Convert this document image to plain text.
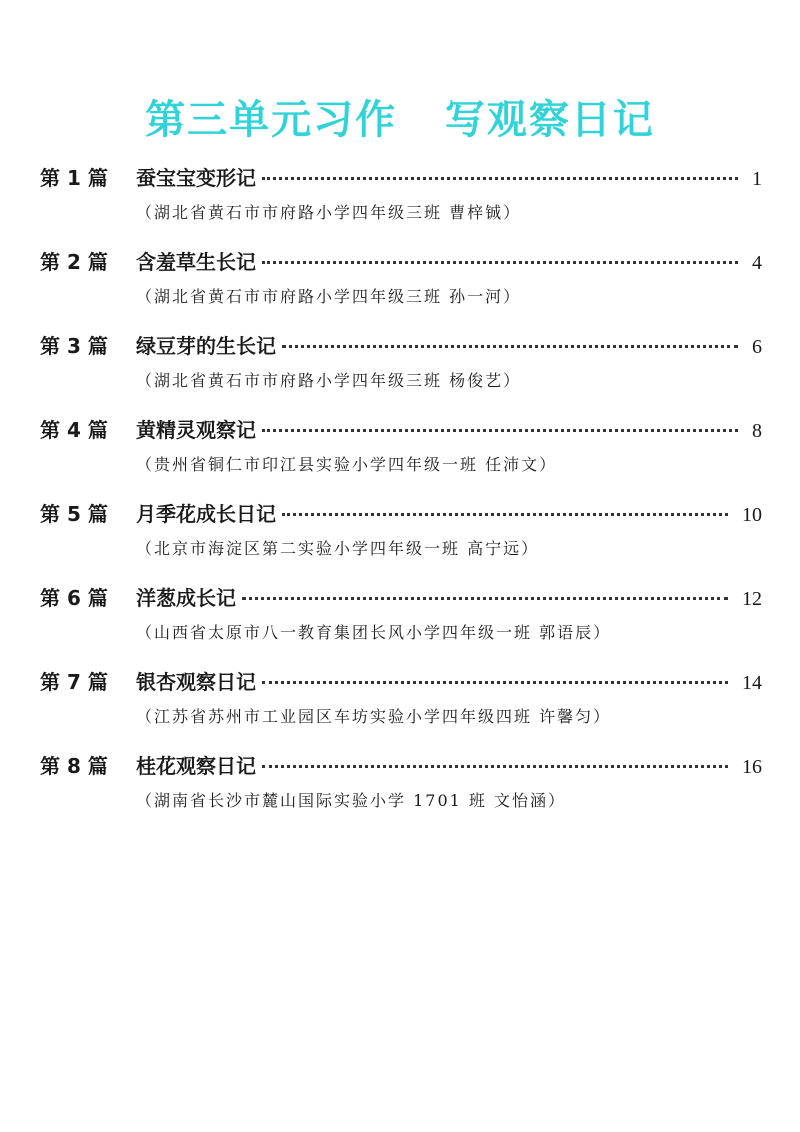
第三单元习作   写观察日记
第 1 篇	蚕宝宝变形记	1
（湖北省黄石市市府路小学四年级三班 曹梓铖）
第 2 篇	含羞草生长记	4
（湖北省黄石市市府路小学四年级三班 孙一河）
第 3 篇	绿豆芽的生长记	6
（湖北省黄石市市府路小学四年级三班 杨俊艺）
第 4 篇	黄精灵观察记	8
（贵州省铜仁市印江县实验小学四年级一班 任沛文）
第 5 篇	月季花成长日记	10
（北京市海淀区第二实验小学四年级一班 高宁远）
第 6 篇	洋葱成长记	12
（山西省太原市八一教育集团长风小学四年级一班 郭语辰）
第 7 篇	银杏观察日记	14
（江苏省苏州市工业园区车坊实验小学四年级四班 许馨匀）
第 8 篇	桂花观察日记	16
（湖南省长沙市麓山国际实验小学 1701 班 文怡涵）
